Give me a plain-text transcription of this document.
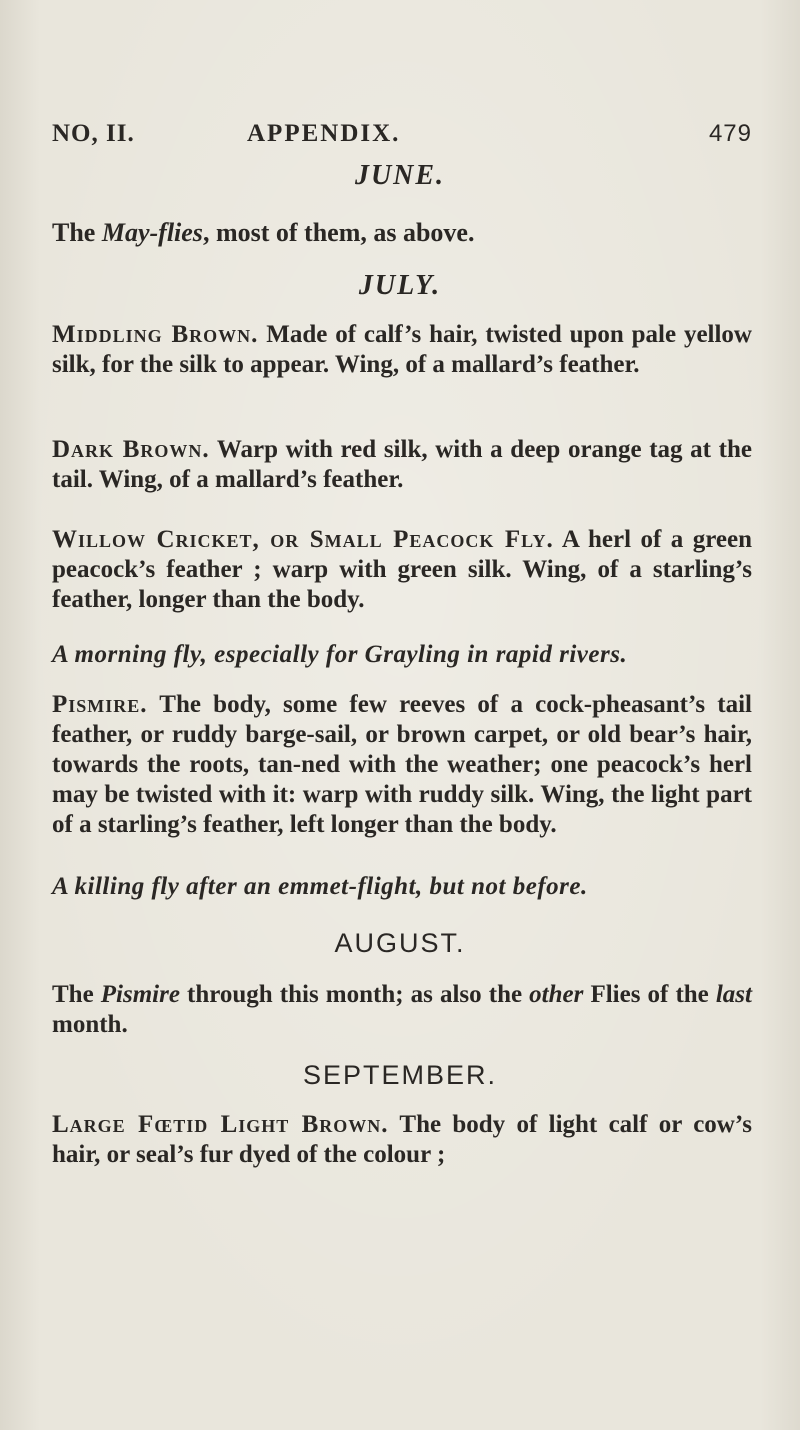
NO, II.	APPENDIX.	479
JUNE.
The May-flies, most of them, as above.
JULY.
Middling Brown. Made of calf’s hair, twisted upon pale yellow silk, for the silk to appear. Wing, of a mallard’s feather.
Dark Brown. Warp with red silk, with a deep orange tag at the tail. Wing, of a mallard’s feather.
Willow Cricket, or Small Peacock Fly. A herl of a green peacock’s feather ; warp with green silk. Wing, of a starling’s feather, longer than the body.
A morning fly, especially for Grayling in rapid rivers.
Pismire. The body, some few reeves of a cock-pheasant’s tail feather, or ruddy barge-sail, or brown carpet, or old bear’s hair, towards the roots, tan-ned with the weather; one peacock’s herl may be twisted with it: warp with ruddy silk. Wing, the light part of a starling’s feather, left longer than the body.
A killing fly after an emmet-flight, but not before.
AUGUST.
The Pismire through this month; as also the other Flies of the last month.
SEPTEMBER.
Large Fœtid Light Brown. The body of light calf or cow’s hair, or seal’s fur dyed of the colour ;
